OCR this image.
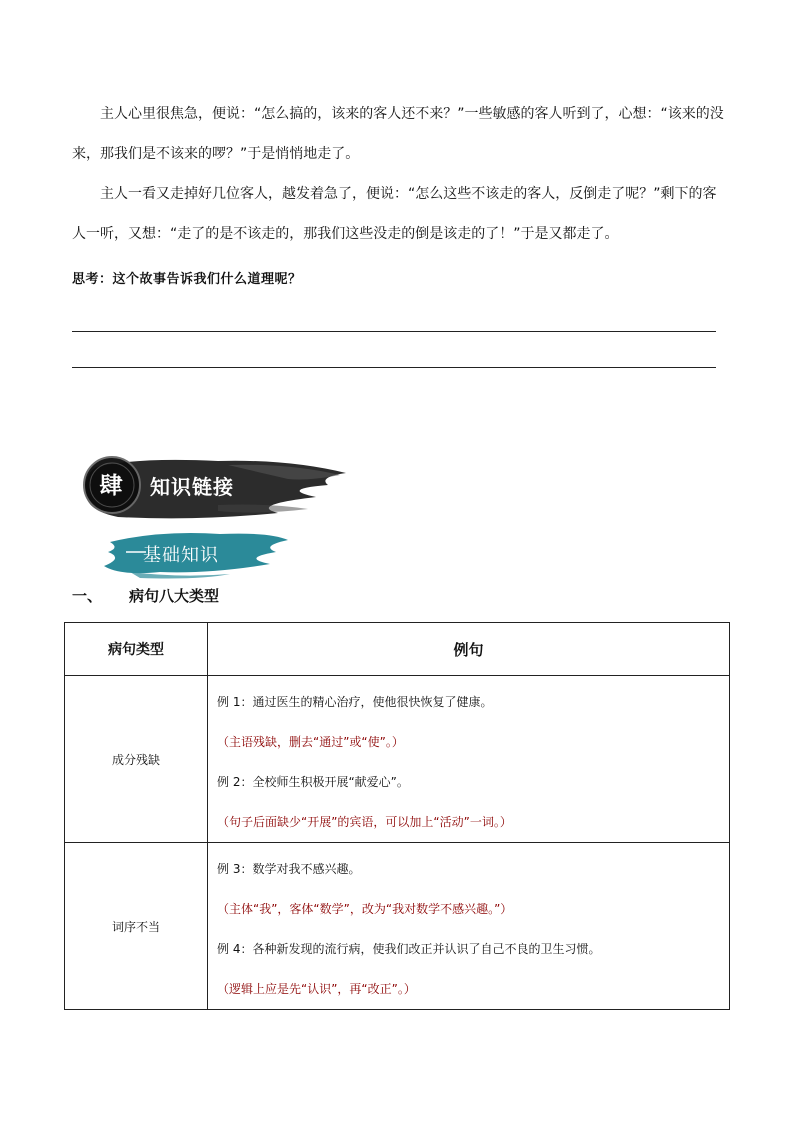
主人心里很焦急，便说：“怎么搞的，该来的客人还不来？”一些敏感的客人听到了，心想：“该来的没来，那我们是不该来的啰？”于是悄悄地走了。

主人一看又走掉好几位客人，越发着急了，便说：“怎么这些不该走的客人，反倒走了呢？”剩下的客人一听，又想：“走了的是不该走的，那我们这些没走的倒是该走的了！”于是又都走了。

思考：这个故事告诉我们什么道理呢？
肆	知识链接
基础知识
一、 病句八大类型
病句类型	例句
成分残缺	例 1：通过医生的精心治疗，使他很快恢复了健康。

（主语残缺，删去“通过”或“使”。）

例 2：全校师生积极开展“献爱心”。

（句子后面缺少“开展”的宾语，可以加上“活动”一词。）

词序不当	例 3：数学对我不感兴趣。

（主体“我”，客体“数学”，改为“我对数学不感兴趣。”）

例 4：各种新发现的流行病，使我们改正并认识了自己不良的卫生习惯。

（逻辑上应是先“认识”，再“改正”。）
